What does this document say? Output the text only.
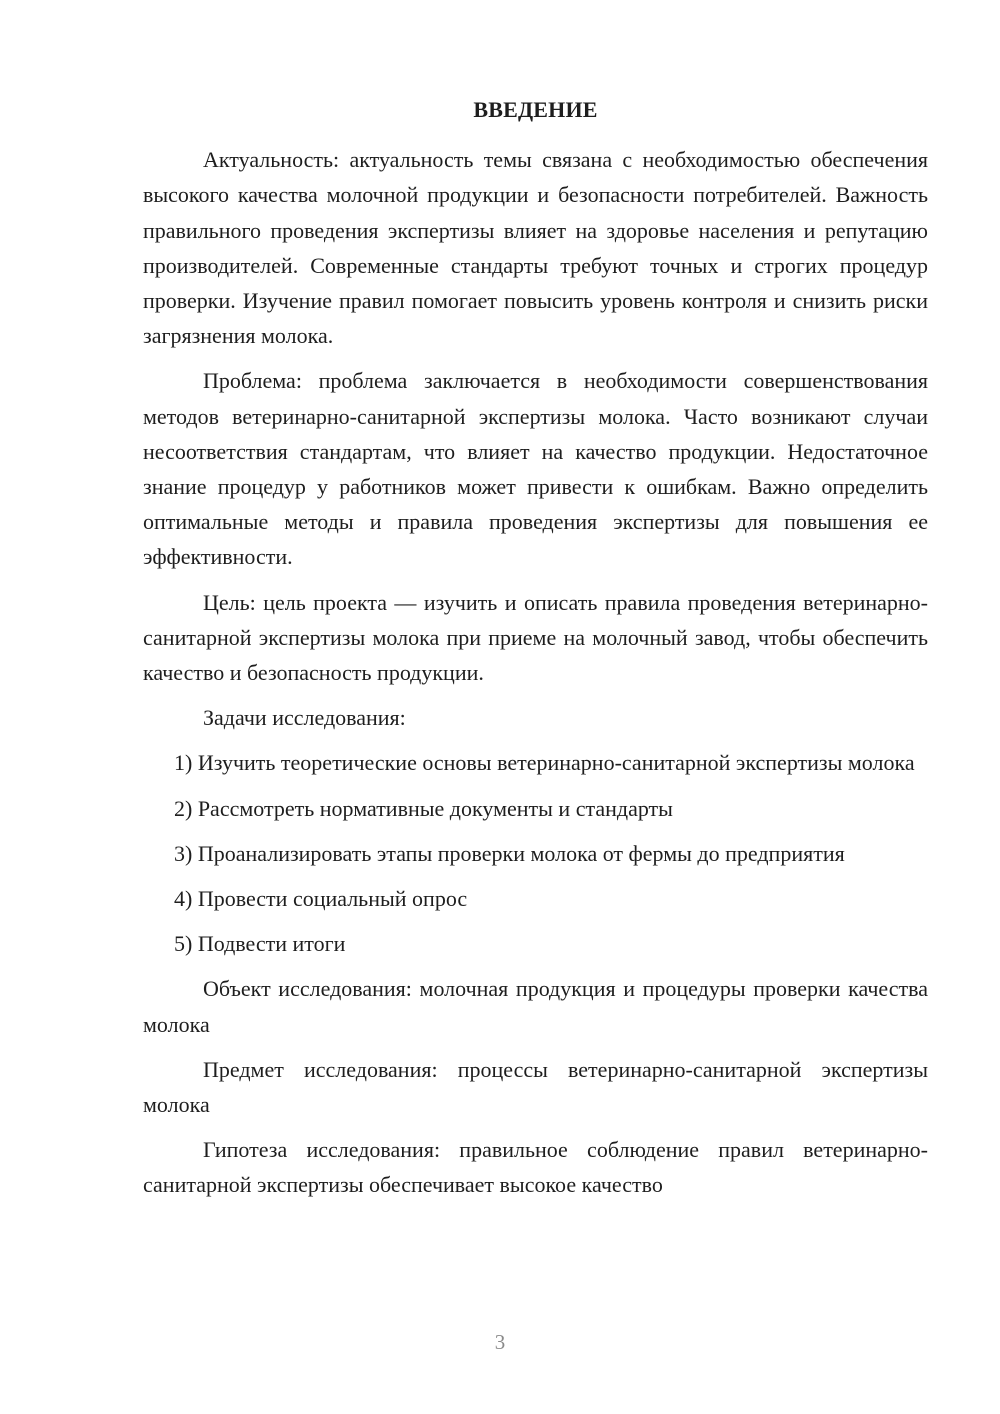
ВВЕДЕНИЕ

Актуальность: актуальность темы связана с необходимостью обеспечения высокого качества молочной продукции и безопасности потребителей. Важность правильного проведения экспертизы влияет на здоровье населения и репутацию производителей. Современные стандарты требуют точных и строгих процедур проверки. Изучение правил помогает повысить уровень контроля и снизить риски загрязнения молока.

Проблема: проблема заключается в необходимости совершенствования методов ветеринарно-санитарной экспертизы молока. Часто возникают случаи несоответствия стандартам, что влияет на качество продукции. Недостаточное знание процедур у работников может привести к ошибкам. Важно определить оптимальные методы и правила проведения экспертизы для повышения ее эффективности.

Цель: цель проекта — изучить и описать правила проведения ветеринарно-санитарной экспертизы молока при приеме на молочный завод, чтобы обеспечить качество и безопасность продукции.

Задачи исследования:

1) Изучить теоретические основы ветеринарно-санитарной экспертизы молока

2) Рассмотреть нормативные документы и стандарты

3) Проанализировать этапы проверки молока от фермы до предприятия

4) Провести социальный опрос

5) Подвести итоги

Объект исследования: молочная продукция и процедуры проверки качества молока

Предмет исследования: процессы ветеринарно-санитарной экспертизы молока

Гипотеза исследования: правильное соблюдение правил ветеринарно-санитарной экспертизы обеспечивает высокое качество

3
